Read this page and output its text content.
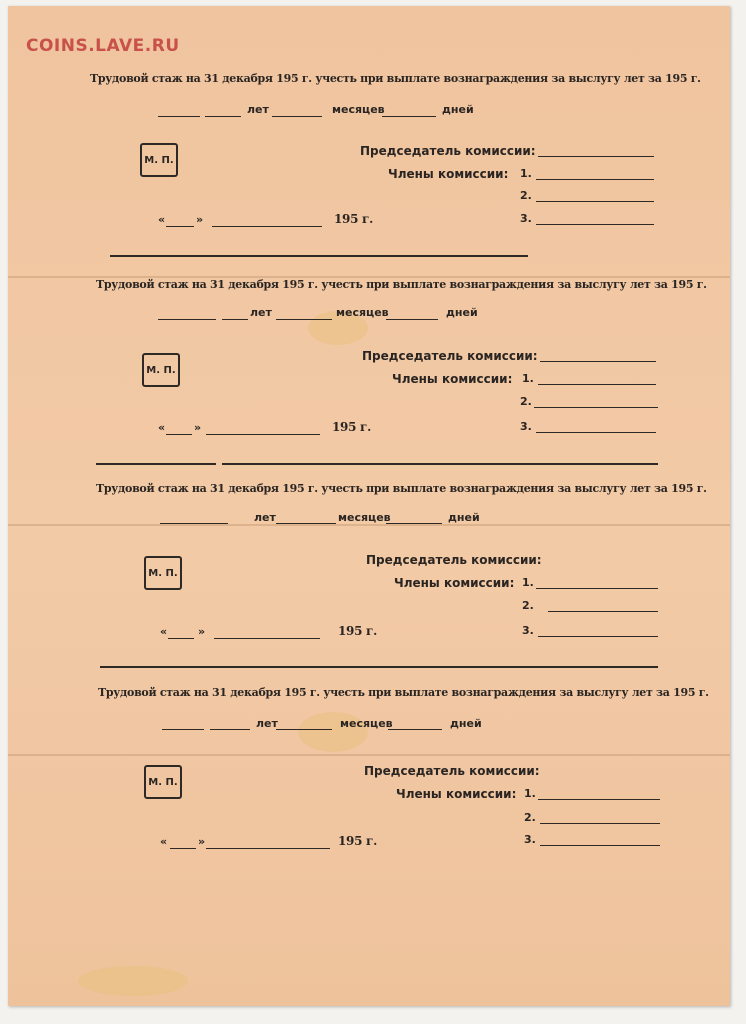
COINS.LAVE.RU
Трудовой стаж на 31 декабря 195 г. учесть при выплате вознаграждения за выслугу лет за 195 г.
лет	месяцев	дней
М. П.
Председатель комиссии:
Члены комиссии: 1.
2.
3.
«	»	195 г.
Трудовой стаж на 31 декабря 195 г. учесть при выплате вознаграждения за выслугу лет за 195 г.
лет	месяцев	дней
М. П.
Председатель комиссии:
Члены комиссии: 1.
2.
3.
«	»	195 г.
Трудовой стаж на 31 декабря 195 г. учесть при выплате вознаграждения за выслугу лет за 195 г.
лет	месяцев	дней
М. П.
Председатель комиссии:
Члены комиссии: 1.
2.
3.
«	»	195 г.
Трудовой стаж на 31 декабря 195 г. учесть при выплате вознаграждения за выслугу лет за 195 г.
лет	месяцев	дней
М. П.
Председатель комиссии:
Члены комиссии: 1.
2.
3.
«	»	195 г.
